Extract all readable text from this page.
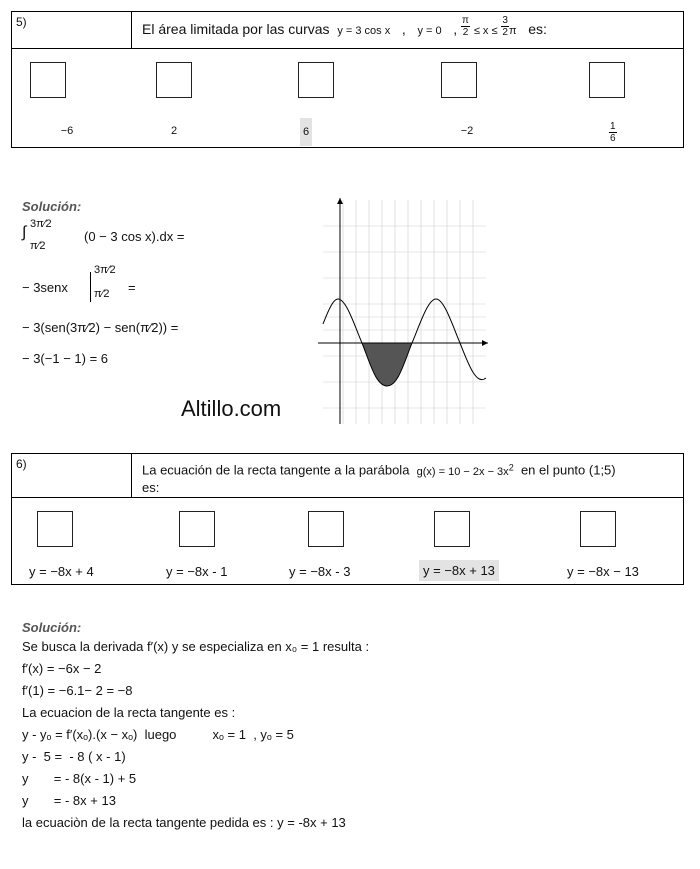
5)	El área limitada por las curvas y = 3 cos x , y = 0 , $\frac{\pi}{2} \le x \le \frac{3}{2}$ π es:
−6	2	6	−2	$\frac{1}{6}$
Solución:
∫ 3π⁄2
π⁄2
(0 − 3 cos x).dx =
− 3senx
3π⁄2
π⁄2 =
− 3(sen(3π⁄2) − sen(π⁄2)) =
− 3(−1 − 1) = 6
Altillo.com
6)	La ecuación de la recta tangente a la parábola $g(x) = 10 - 2x - 3x^2$ en el punto (1;5)
es:
y = −8x + 4	y = −8x - 1	y = −8x - 3	y = −8x + 13	y = −8x − 13
Solución:
Se busca la derivada f′(x) y se especializa en x₀ = 1 resulta :
f′(x) = −6x − 2
f′(1) = −6.1− 2 = −8
La ecuacion de la recta tangente es :
y - yₒ = f′(xₒ).(x − xₒ)  luego          xₒ = 1  , yₒ = 5
y -  5 =  - 8 ( x - 1)
y       = - 8(x - 1) + 5
y       = - 8x + 13
la ecuaciòn de la recta tangente pedida es : y = -8x + 13
